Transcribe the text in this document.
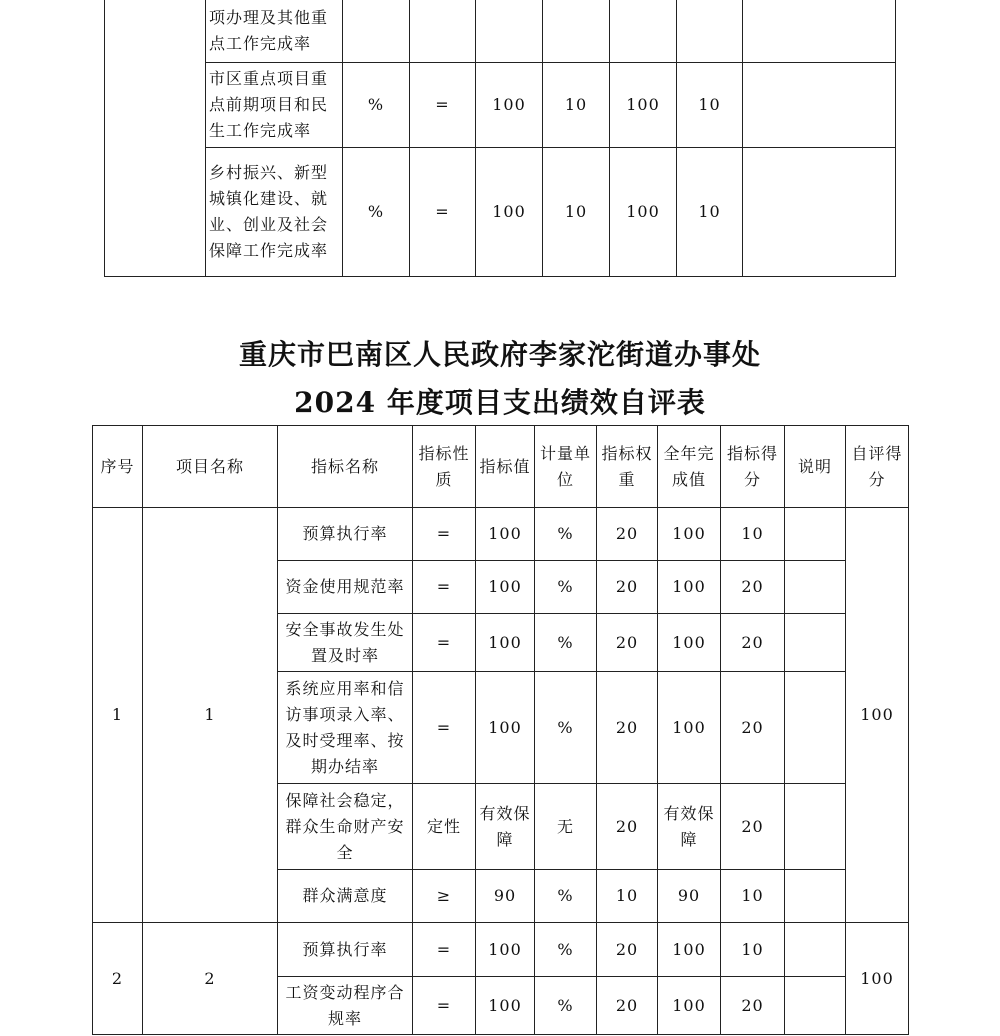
	项办理及其他重点工作完成率							
	市区重点项目重点前期项目和民生工作完成率	%	=	100	10	100	10	
	乡村振兴、新型城镇化建设、就业、创业及社会保障工作完成率	%	=	100	10	100	10	
重庆市巴南区人民政府李家沱街道办事处
2024 年度项目支出绩效自评表
序号	项目名称	指标名称	指标性质	指标值	计量单位	指标权重	全年完成值	指标得分	说明	自评得分
1	1	预算执行率	=	100	%	20	100	10		100
		资金使用规范率	=	100	%	20	100	20		
		安全事故发生处置及时率	=	100	%	20	100	20		
		系统应用率和信访事项录入率、及时受理率、按期办结率	=	100	%	20	100	20		
		保障社会稳定，群众生命财产安全	定性	有效保障	无	20	有效保障	20		
		群众满意度	≥	90	%	10	90	10		
2	2	预算执行率	=	100	%	20	100	10		100
		工资变动程序合规率	=	100	%	20	100	20		
